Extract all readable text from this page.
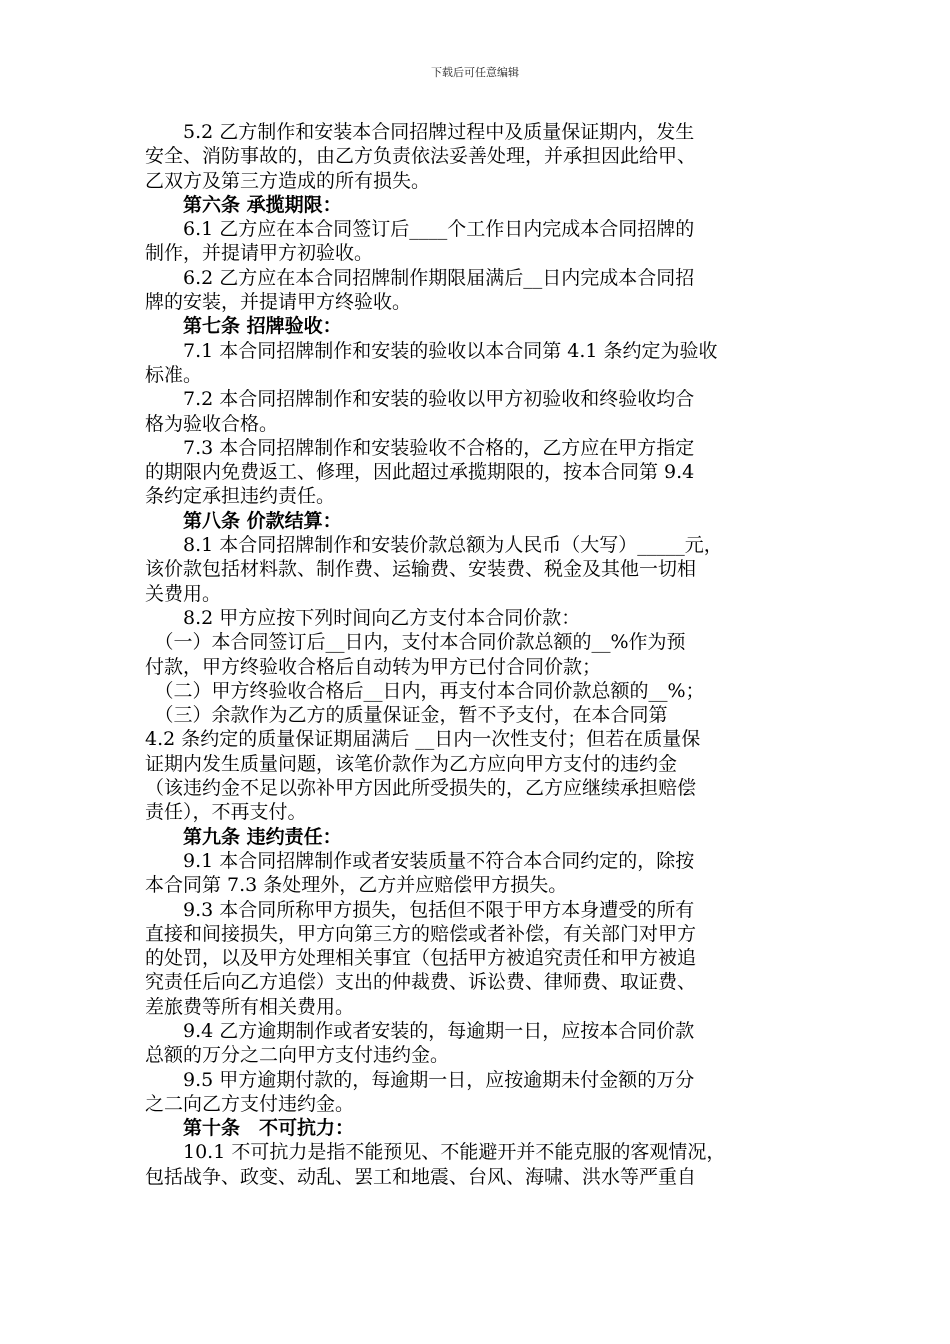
下载后可任意编辑
　　5.2 乙方制作和安装本合同招牌过程中及质量保证期内，发生
安全、消防事故的，由乙方负责依法妥善处理，并承担因此给甲、
乙双方及第三方造成的所有损失。
　　第六条 承揽期限：
　　6.1 乙方应在本合同签订后____个工作日内完成本合同招牌的
制作，并提请甲方初验收。
　　6.2 乙方应在本合同招牌制作期限届满后__日内完成本合同招
牌的安装，并提请甲方终验收。
　　第七条 招牌验收：
　　7.1 本合同招牌制作和安装的验收以本合同第 4.1 条约定为验收
标准。
　　7.2 本合同招牌制作和安装的验收以甲方初验收和终验收均合
格为验收合格。
　　7.3 本合同招牌制作和安装验收不合格的，乙方应在甲方指定
的期限内免费返工、修理，因此超过承揽期限的，按本合同第 9.4
条约定承担违约责任。
　　第八条 价款结算：
　　8.1 本合同招牌制作和安装价款总额为人民币（大写）_____元，
该价款包括材料款、制作费、运输费、安装费、税金及其他一切相
关费用。
　　8.2 甲方应按下列时间向乙方支付本合同价款：
　（一）本合同签订后__日内，支付本合同价款总额的__%作为预
付款，甲方终验收合格后自动转为甲方已付合同价款；
　（二）甲方终验收合格后__日内，再支付本合同价款总额的__%；
　（三）余款作为乙方的质量保证金，暂不予支付，在本合同第
4.2 条约定的质量保证期届满后 __日内一次性支付；但若在质量保
证期内发生质量问题，该笔价款作为乙方应向甲方支付的违约金
（该违约金不足以弥补甲方因此所受损失的，乙方应继续承担赔偿
责任），不再支付。
　　第九条 违约责任：
　　9.1 本合同招牌制作或者安装质量不符合本合同约定的，除按
本合同第 7.3 条处理外，乙方并应赔偿甲方损失。
　　9.3 本合同所称甲方损失，包括但不限于甲方本身遭受的所有
直接和间接损失，甲方向第三方的赔偿或者补偿，有关部门对甲方
的处罚，以及甲方处理相关事宜（包括甲方被追究责任和甲方被追
究责任后向乙方追偿）支出的仲裁费、诉讼费、律师费、取证费、
差旅费等所有相关费用。
　　9.4 乙方逾期制作或者安装的，每逾期一日，应按本合同价款
总额的万分之二向甲方支付违约金。
　　9.5 甲方逾期付款的，每逾期一日，应按逾期未付金额的万分
之二向乙方支付违约金。
　　第十条　不可抗力：
　　10.1 不可抗力是指不能预见、不能避开并不能克服的客观情况，
包括战争、政变、动乱、罢工和地震、台风、海啸、洪水等严重自
